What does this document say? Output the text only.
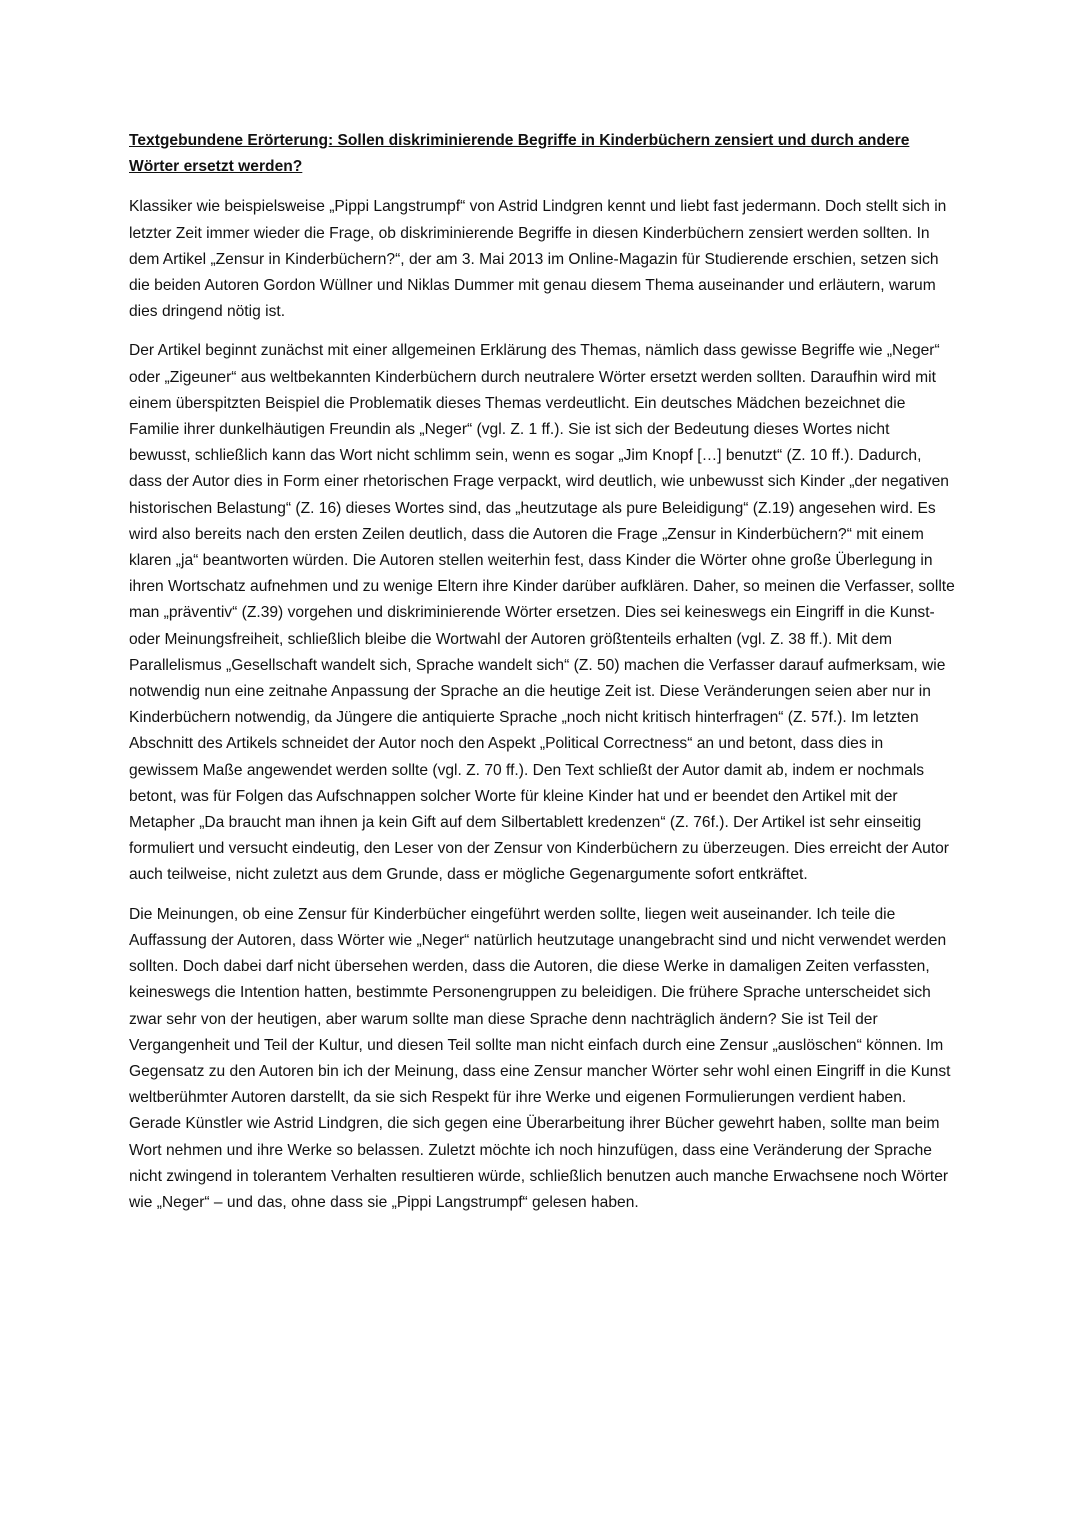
Textgebundene Erörterung: Sollen diskriminierende Begriffe in Kinderbüchern zensiert und durch andere Wörter ersetzt werden?

Klassiker wie beispielsweise „Pippi Langstrumpf“ von Astrid Lindgren kennt und liebt fast jedermann. Doch stellt sich in letzter Zeit immer wieder die Frage, ob diskriminierende Begriffe in diesen Kinderbüchern zensiert werden sollten. In dem Artikel „Zensur in Kinderbüchern?“, der am 3. Mai 2013 im Online-Magazin für Studierende erschien, setzen sich die beiden Autoren Gordon Wüllner und Niklas Dummer mit genau diesem Thema auseinander und erläutern, warum dies dringend nötig ist.

Der Artikel beginnt zunächst mit einer allgemeinen Erklärung des Themas, nämlich dass gewisse Begriffe wie „Neger“ oder „Zigeuner“ aus weltbekannten Kinderbüchern durch neutralere Wörter ersetzt werden sollten. Daraufhin wird mit einem überspitzten Beispiel die Problematik dieses Themas verdeutlicht. Ein deutsches Mädchen bezeichnet die Familie ihrer dunkelhäutigen Freundin als „Neger“ (vgl. Z. 1 ff.). Sie ist sich der Bedeutung dieses Wortes nicht bewusst, schließlich kann das Wort nicht schlimm sein, wenn es sogar „Jim Knopf […] benutzt“ (Z. 10 ff.). Dadurch, dass der Autor dies in Form einer rhetorischen Frage verpackt, wird deutlich, wie unbewusst sich Kinder „der negativen historischen Belastung“ (Z. 16) dieses Wortes sind, das „heutzutage als pure Beleidigung“ (Z.19) angesehen wird. Es wird also bereits nach den ersten Zeilen deutlich, dass die Autoren die Frage „Zensur in Kinderbüchern?“ mit einem klaren „ja“ beantworten würden. Die Autoren stellen weiterhin fest, dass Kinder die Wörter ohne große Überlegung in ihren Wortschatz aufnehmen und zu wenige Eltern ihre Kinder darüber aufklären. Daher, so meinen die Verfasser, sollte man „präventiv“ (Z.39) vorgehen und diskriminierende Wörter ersetzen. Dies sei keineswegs ein Eingriff in die Kunst- oder Meinungsfreiheit, schließlich bleibe die Wortwahl der Autoren größtenteils erhalten (vgl. Z. 38 ff.). Mit dem Parallelismus „Gesellschaft wandelt sich, Sprache wandelt sich“ (Z. 50) machen die Verfasser darauf aufmerksam, wie notwendig nun eine zeitnahe Anpassung der Sprache an die heutige Zeit ist. Diese Veränderungen seien aber nur in Kinderbüchern notwendig, da Jüngere die antiquierte Sprache „noch nicht kritisch hinterfragen“ (Z. 57f.). Im letzten Abschnitt des Artikels schneidet der Autor noch den Aspekt „Political Correctness“ an und betont, dass dies in gewissem Maße angewendet werden sollte (vgl. Z. 70 ff.). Den Text schließt der Autor damit ab, indem er nochmals betont, was für Folgen das Aufschnappen solcher Worte für kleine Kinder hat und er beendet den Artikel mit der Metapher „Da braucht man ihnen ja kein Gift auf dem Silbertablett kredenzen“ (Z. 76f.). Der Artikel ist sehr einseitig formuliert und versucht eindeutig, den Leser von der Zensur von Kinderbüchern zu überzeugen. Dies erreicht der Autor auch teilweise, nicht zuletzt aus dem Grunde, dass er mögliche Gegenargumente sofort entkräftet.

Die Meinungen, ob eine Zensur für Kinderbücher eingeführt werden sollte, liegen weit auseinander. Ich teile die Auffassung der Autoren, dass Wörter wie „Neger“ natürlich heutzutage unangebracht sind und nicht verwendet werden sollten. Doch dabei darf nicht übersehen werden, dass die Autoren, die diese Werke in damaligen Zeiten verfassten, keineswegs die Intention hatten, bestimmte Personengruppen zu beleidigen. Die frühere Sprache unterscheidet sich zwar sehr von der heutigen, aber warum sollte man diese Sprache denn nachträglich ändern? Sie ist Teil der Vergangenheit und Teil der Kultur, und diesen Teil sollte man nicht einfach durch eine Zensur „auslöschen“ können. Im Gegensatz zu den Autoren bin ich der Meinung, dass eine Zensur mancher Wörter sehr wohl einen Eingriff in die Kunst weltberühmter Autoren darstellt, da sie sich Respekt für ihre Werke und eigenen Formulierungen verdient haben. Gerade Künstler wie Astrid Lindgren, die sich gegen eine Überarbeitung ihrer Bücher gewehrt haben, sollte man beim Wort nehmen und ihre Werke so belassen. Zuletzt möchte ich noch hinzufügen, dass eine Veränderung der Sprache nicht zwingend in tolerantem Verhalten resultieren würde, schließlich benutzen auch manche Erwachsene noch Wörter wie „Neger“ – und das, ohne dass sie „Pippi Langstrumpf“ gelesen haben.
